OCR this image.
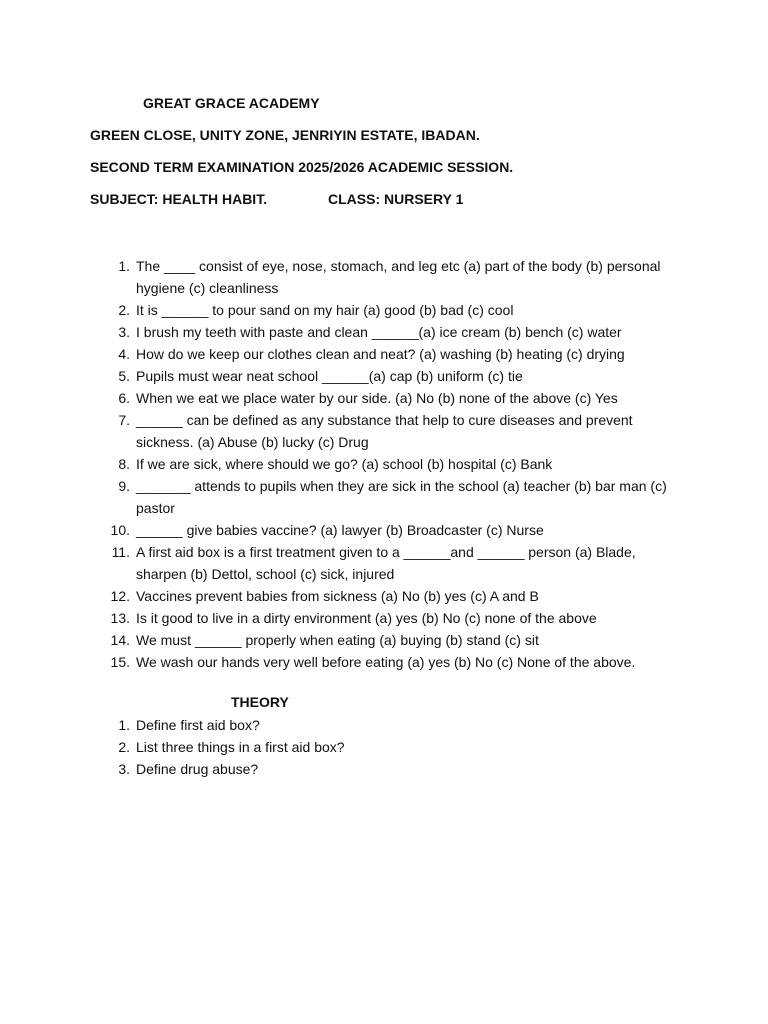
GREAT GRACE ACADEMY
GREEN CLOSE, UNITY ZONE, JENRIYIN ESTATE, IBADAN.
SECOND TERM EXAMINATION 2025/2026 ACADEMIC SESSION.
SUBJECT: HEALTH HABIT.	CLASS: NURSERY 1
1. The ____ consist of eye, nose, stomach, and leg etc (a) part of the body (b) personal hygiene (c) cleanliness
2. It is ______ to pour sand on my hair (a) good (b) bad (c) cool
3. I brush my teeth with paste and clean ______(a) ice cream (b) bench (c) water
4. How do we keep our clothes clean and neat? (a) washing (b) heating (c) drying
5. Pupils must wear neat school ______(a) cap (b) uniform (c) tie
6. When we eat we place water by our side. (a) No (b) none of the above (c) Yes
7. ______ can be defined as any substance that help to cure diseases and prevent sickness. (a) Abuse (b) lucky (c) Drug
8. If we are sick, where should we go? (a) school (b) hospital (c) Bank
9. _______ attends to pupils when they are sick in the school (a) teacher (b) bar man (c) pastor
10. ______ give babies vaccine? (a) lawyer (b) Broadcaster (c) Nurse
11. A first aid box is a first treatment given to a ______and ______ person (a) Blade, sharpen (b) Dettol, school (c) sick, injured
12. Vaccines prevent babies from sickness (a) No (b) yes (c) A and B
13. Is it good to live in a dirty environment (a) yes (b) No (c) none of the above
14. We must ______ properly when eating (a) buying (b) stand (c) sit
15. We wash our hands very well before eating (a) yes (b) No (c) None of the above.
THEORY
1. Define first aid box?
2. List three things in a first aid box?
3. Define drug abuse?
